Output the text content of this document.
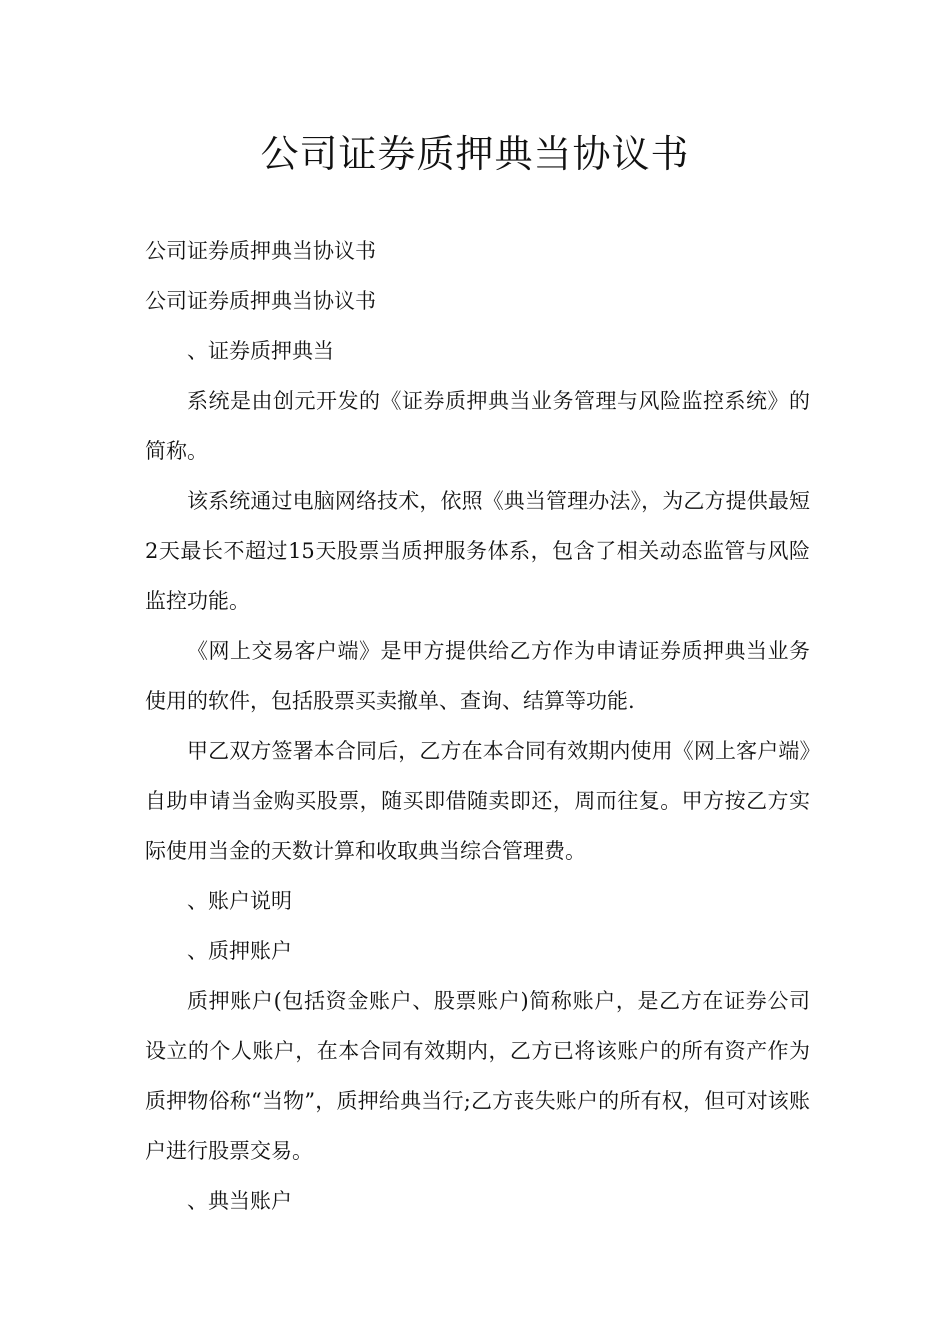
公司证券质押典当协议书

公司证券质押典当协议书

公司证券质押典当协议书

、证券质押典当

系统是由创元开发的《证券质押典当业务管理与风险监控系统》的简称。

该系统通过电脑网络技术，依照《典当管理办法》，为乙方提供最短2天最长不超过15天股票当质押服务体系，包含了相关动态监管与风险监控功能。

《网上交易客户端》是甲方提供给乙方作为申请证券质押典当业务使用的软件，包括股票买卖撤单、查询、结算等功能.

甲乙双方签署本合同后，乙方在本合同有效期内使用《网上客户端》自助申请当金购买股票，随买即借随卖即还，周而往复。甲方按乙方实际使用当金的天数计算和收取典当综合管理费。

、账户说明

、质押账户

质押账户(包括资金账户、股票账户)简称账户，是乙方在证券公司设立的个人账户，在本合同有效期内，乙方已将该账户的所有资产作为质押物俗称“当物”，质押给典当行;乙方丧失账户的所有权，但可对该账户进行股票交易。

、典当账户
